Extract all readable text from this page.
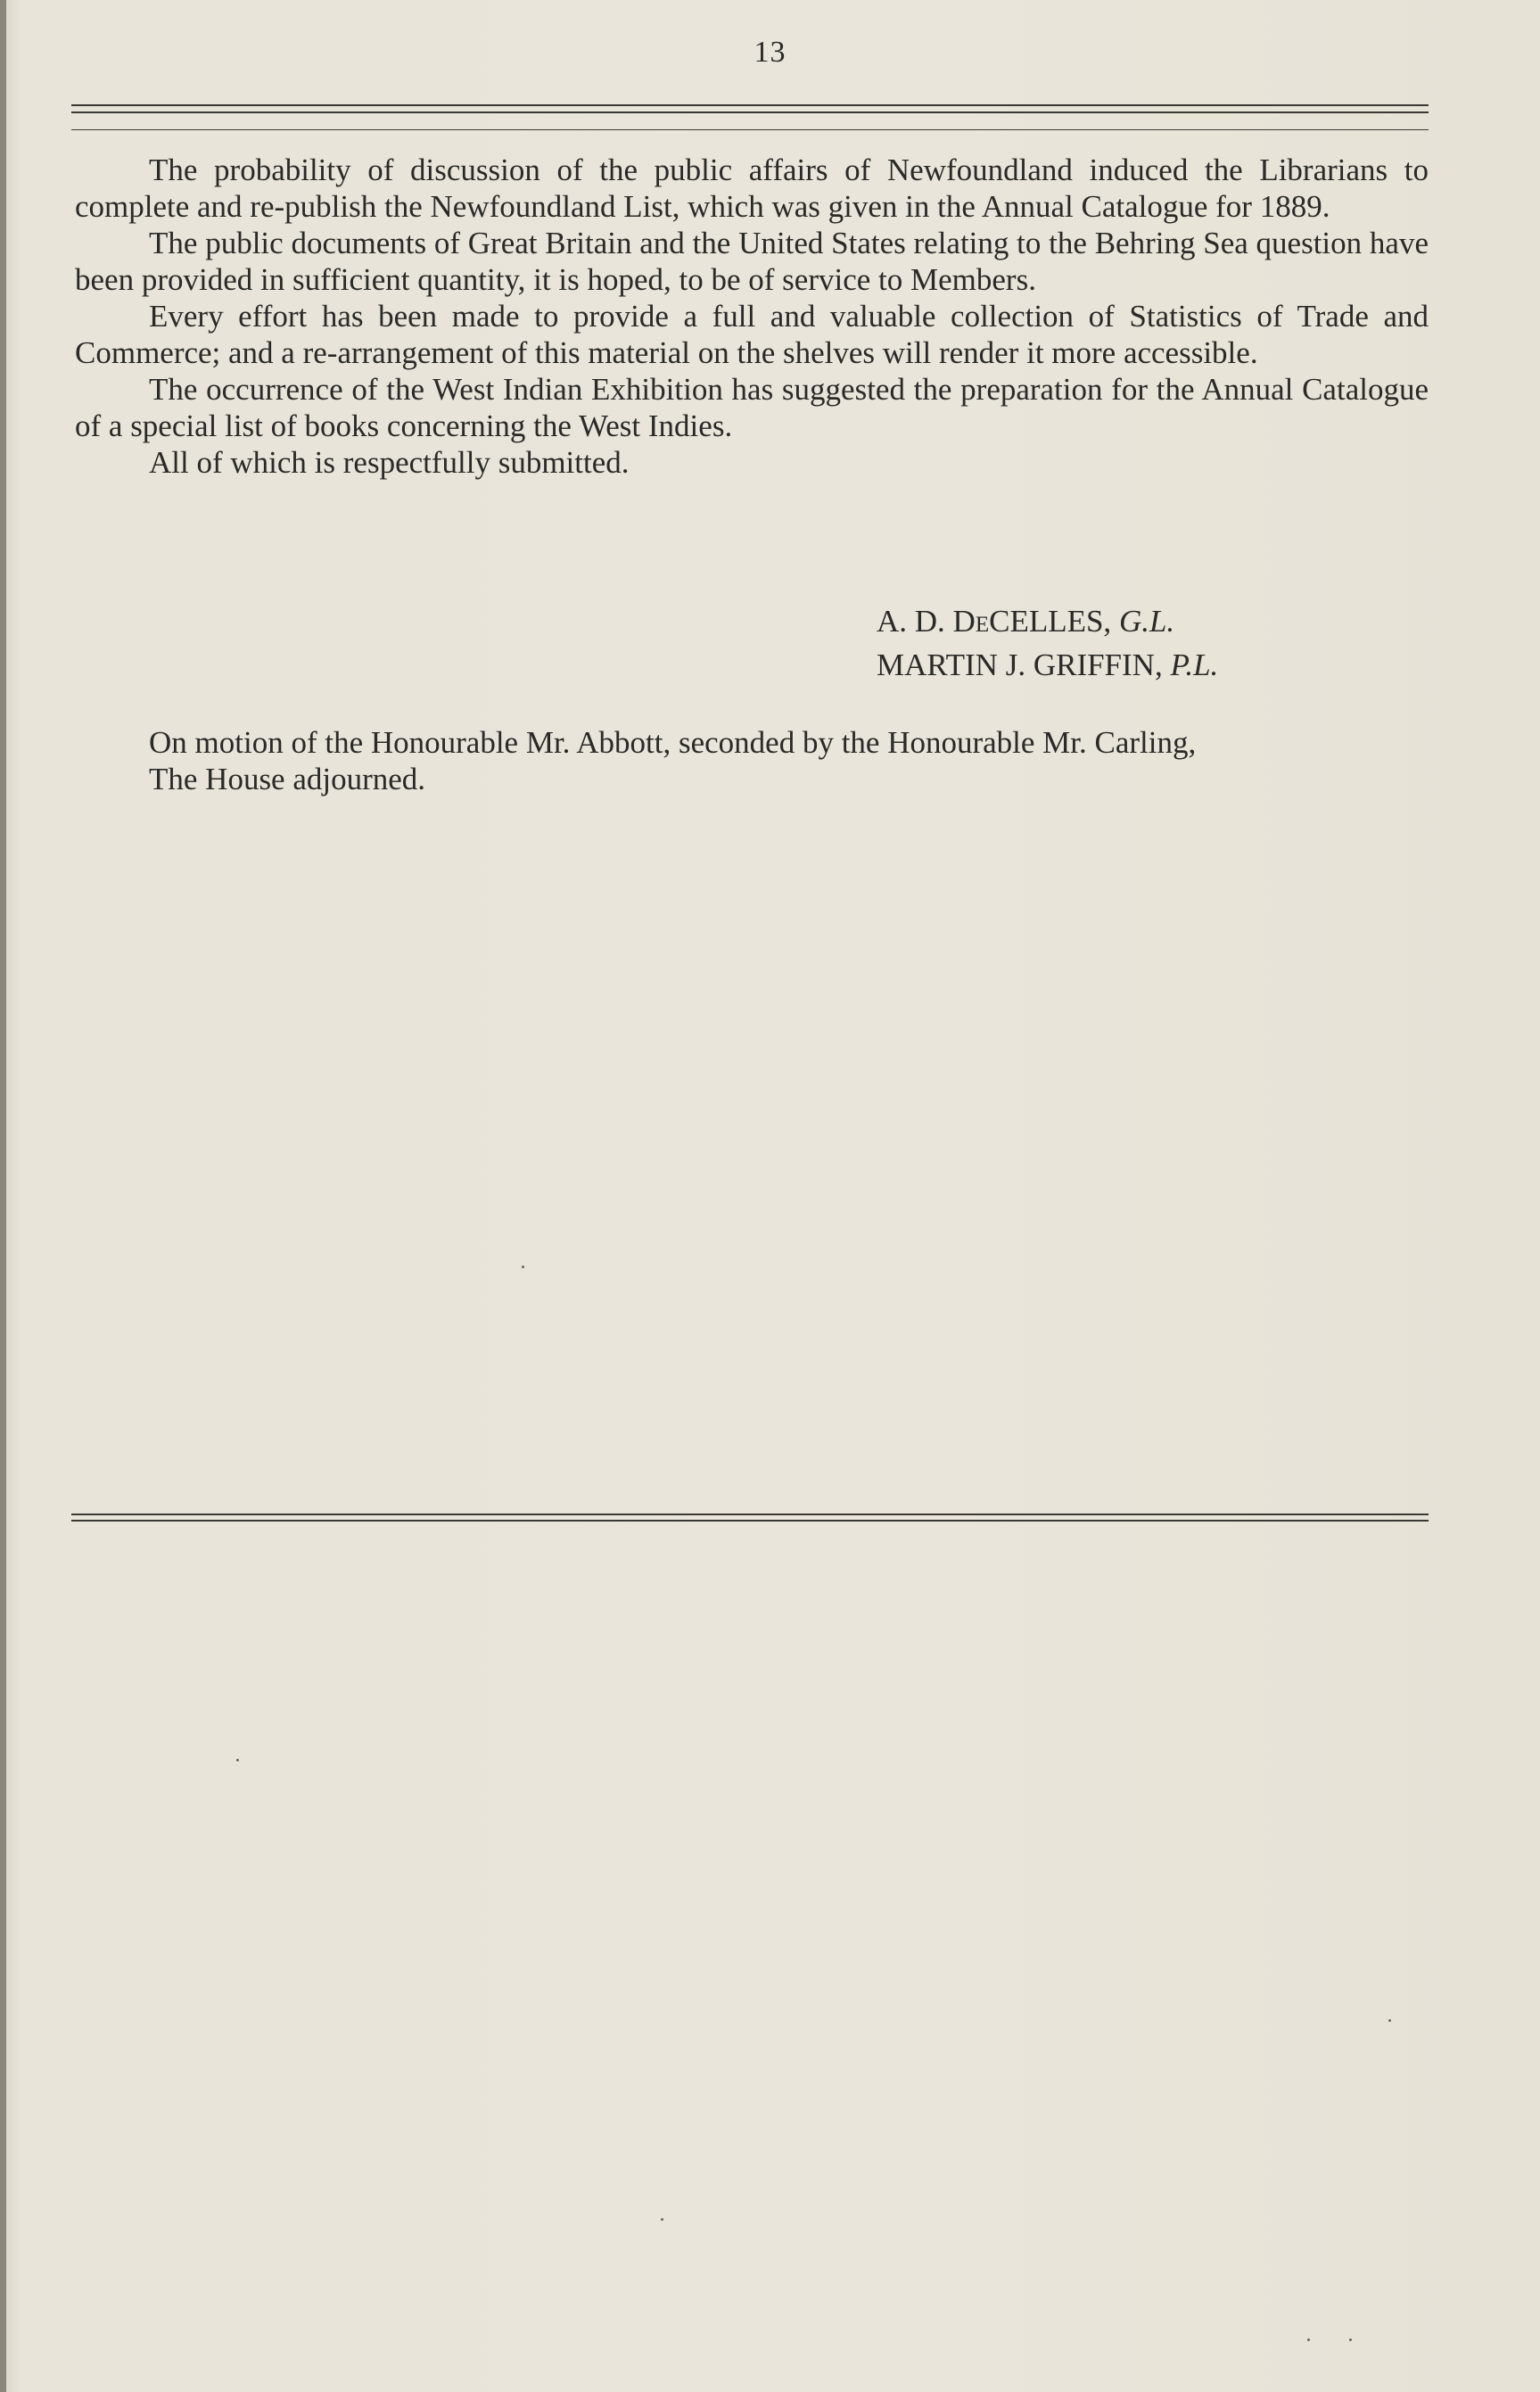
13

The probability of discussion of the public affairs of Newfoundland induced the Librarians to complete and re-publish the Newfoundland List, which was given in the Annual Catalogue for 1889.

The public documents of Great Britain and the United States relating to the Behring Sea question have been provided in sufficient quantity, it is hoped, to be of service to Members.

Every effort has been made to provide a full and valuable collection of Statistics of Trade and Commerce; and a re-arrangement of this material on the shelves will render it more accessible.

The occurrence of the West Indian Exhibition has suggested the preparation for the Annual Catalogue of a special list of books concerning the West Indies.

All of which is respectfully submitted.

A. D. DeCELLES, G.L.
MARTIN J. GRIFFIN, P.L.

On motion of the Honourable Mr. Abbott, seconded by the Honourable Mr. Carling,

The House adjourned.
